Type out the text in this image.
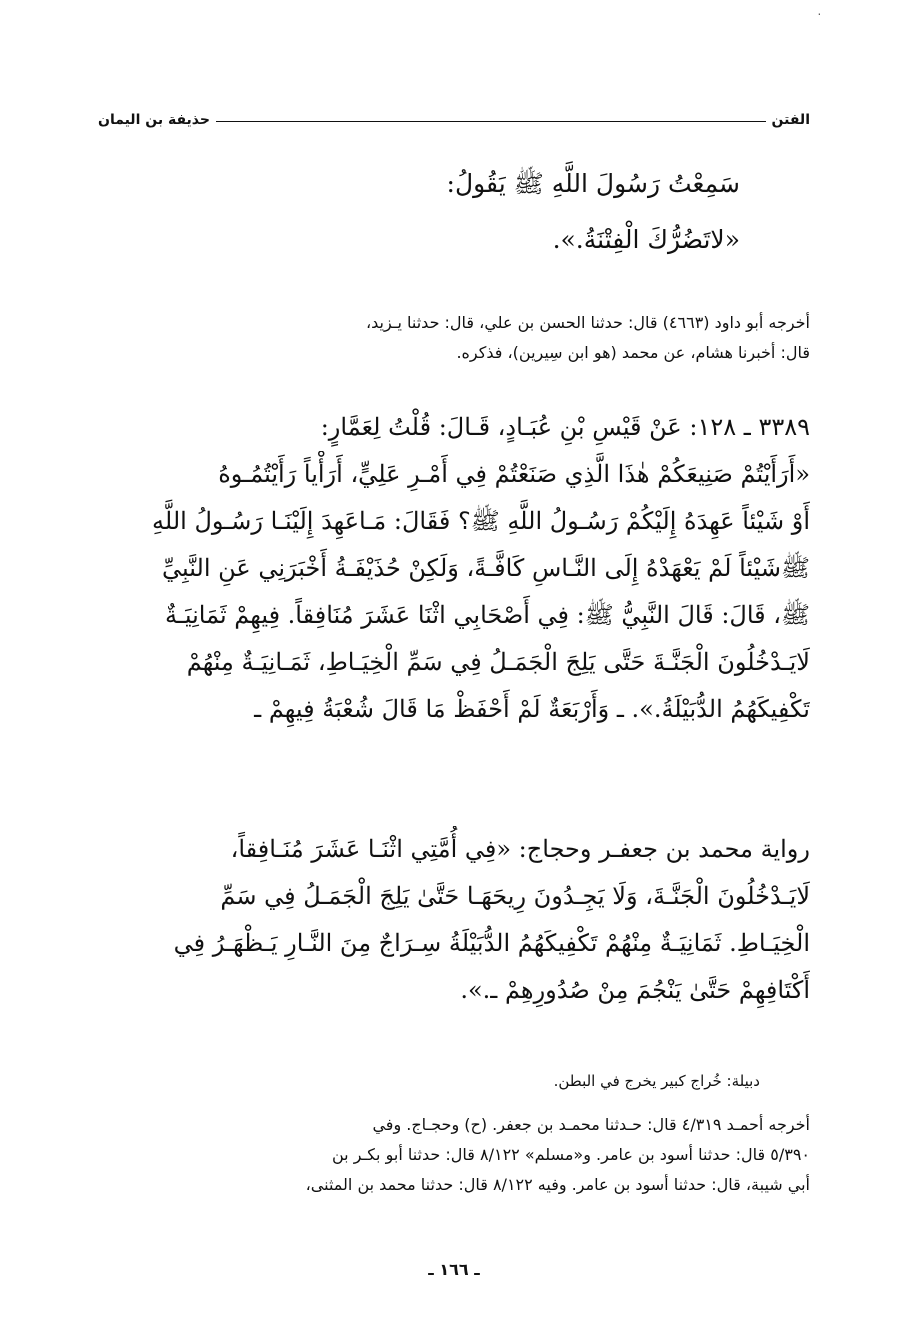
٠
الفتن
حذيفة بن اليمان
سَمِعْتُ رَسُولَ اللَّهِ ﷺ يَقُولُ:
«لاتَضُرُّكَ الْفِتْنَةُ.».
أخرجه أبو داود (٤٦٦٣) قال: حدثنا الحسن بن علي، قال: حدثنا يـزيد،
قال: أخبرنا هشام، عن محمد (هو ابن سِيرين)، فذكره.
٣٣٨٩ ـ ١٢٨: عَنْ قَيْسِ بْنِ عُبَـادٍ، قَـالَ: قُلْتُ لِعَمَّارٍ:
«أَرَأَيْتُمْ صَنِيعَكُمْ هٰذَا الَّذِي صَنَعْتُمْ فِي أَمْـرِ عَلِيٍّ، أَرَأْياً رَأَيْتُمُـوهُ
أَوْ شَيْئاً عَهِدَهُ إِلَيْكُمْ رَسُـولُ اللَّهِ ﷺ؟ فَقَالَ: مَـاعَهِدَ إِلَيْنَـا رَسُـولُ اللَّهِ
ﷺشَيْئاً لَمْ يَعْهَدْهُ إِلَى النَّـاسِ كَافَّـةً، وَلَكِنْ حُذَيْفَـةُ أَخْبَرَنِي عَنِ النَّبِيِّ
ﷺ، قَالَ: قَالَ النَّبِيُّ ﷺ: فِي أَصْحَابِي اثْنَا عَشَرَ مُنَافِقاً. فِيهِمْ ثَمَانِيَـةٌ
لَايَـدْخُلُونَ الْجَنَّـةَ حَتَّى يَلِجَ الْجَمَـلُ فِي سَمِّ الْخِيَـاطِ، ثَمَـانِيَـةٌ مِنْهُمْ
تَكْفِيكَهُمُ الدُّبَيْلَةُ.». ـ وَأَرْبَعَةٌ لَمْ أَحْفَظْ مَا قَالَ شُعْبَةُ فِيهِمْ ـ
رواية محمد بن جعفـر وحجاج: «فِي أُمَّتِي اثْنَـا عَشَرَ مُنَـافِقاً،
لَايَـدْخُلُونَ الْجَنَّـةَ، وَلَا يَجِـدُونَ رِيحَهَـا حَتَّىٰ يَلِجَ الْجَمَـلُ فِي سَمِّ
الْخِيَـاطِ. ثَمَانِيَـةٌ مِنْهُمْ تَكْفِيكَهُمُ الدُّبَيْلَةُ سِـرَاجٌ مِنَ النَّـارِ يَـظْهَـرُ فِي
أَكْتَافِهِمْ حَتَّىٰ يَنْجُمَ مِنْ صُدُورِهِمْ ـ.».
دبيلة: خُراج كبير يخرج في البطن.
أخرجه أحمـد ٤/٣١٩ قال: حـدثنا محمـد بن جعفر. (ح) وحجـاج. وفي
٥/٣٩٠ قال: حدثنا أسود بن عامر. و«مسلم» ٨/١٢٢ قال: حدثنا أبو بكـر بن
أبي شيبة، قال: حدثنا أسود بن عامر. وفيه ٨/١٢٢ قال: حدثنا محمد بن المثنى،
ـ ١٦٦ ـ
